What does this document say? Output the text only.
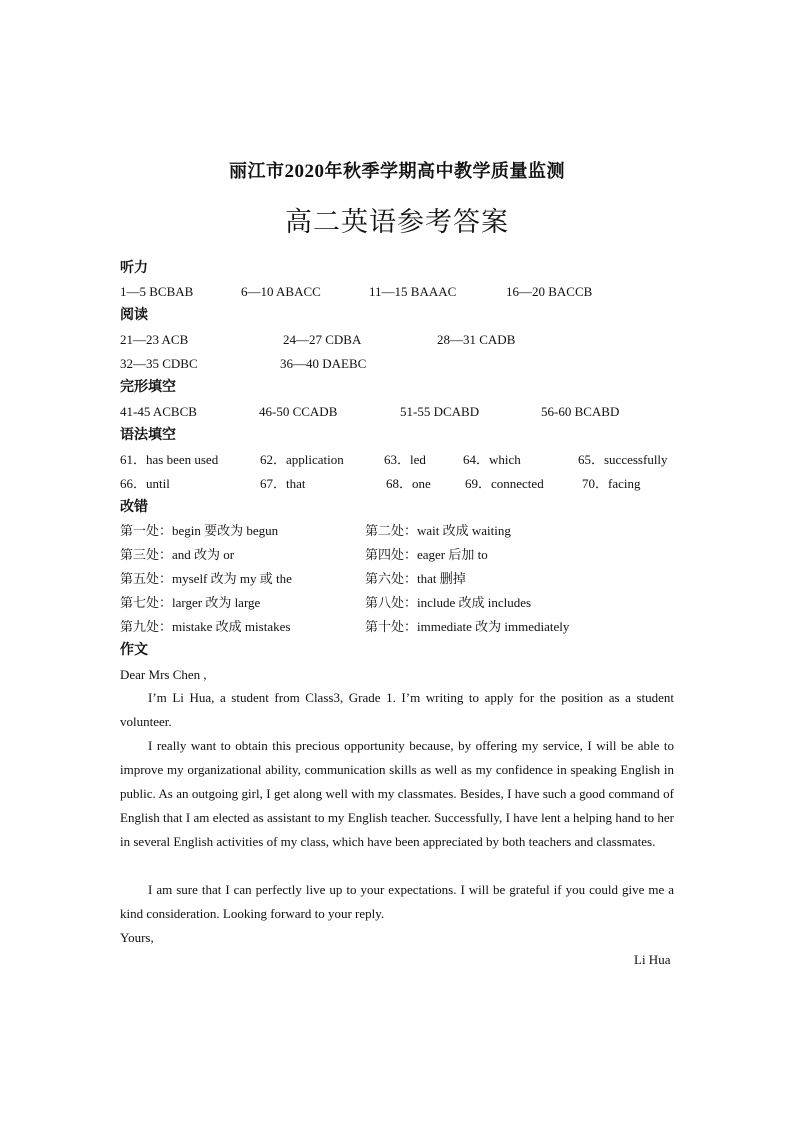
丽江市2020年秋季学期高中教学质量监测
高二英语参考答案
听力
1—5 BCBAB	6—10 ABACC	11—15 BAAAC	16—20 BACCB
阅读
21—23 ACB	24—27 CDBA	28—31 CADB
32—35 CDBC	36—40 DAEBC
完形填空
41-45 ACBCB	46-50 CCADB	51-55 DCABD	56-60 BCABD
语法填空
61．has been used	62．application	63．led	64．which	65．successfully
66．until	67．that	68．one	69．connected	70．facing
改错
第一处：begin 要改为 begun	第二处：wait 改成 waiting
第三处：and 改为 or	第四处：eager 后加 to
第五处：myself 改为 my 或 the	第六处：that 删掉
第七处：larger 改为 large	第八处：include 改成 includes
第九处：mistake 改成 mistakes	第十处：immediate 改为 immediately
作文
Dear Mrs Chen ,
I’m Li Hua, a student from Class3, Grade 1. I’m writing to apply for the position as a student volunteer.
I really want to obtain this precious opportunity because, by offering my service, I will be able to improve my organizational ability, communication skills as well as my confidence in speaking English in public. As an outgoing girl, I get along well with my classmates. Besides, I have such a good command of English that I am elected as assistant to my English teacher. Successfully, I have lent a helping hand to her in several English activities of my class, which have been appreciated by both teachers and classmates.
I am sure that I can perfectly live up to your expectations. I will be grateful if you could give me a kind consideration. Looking forward to your reply.
Yours,
Li Hua
